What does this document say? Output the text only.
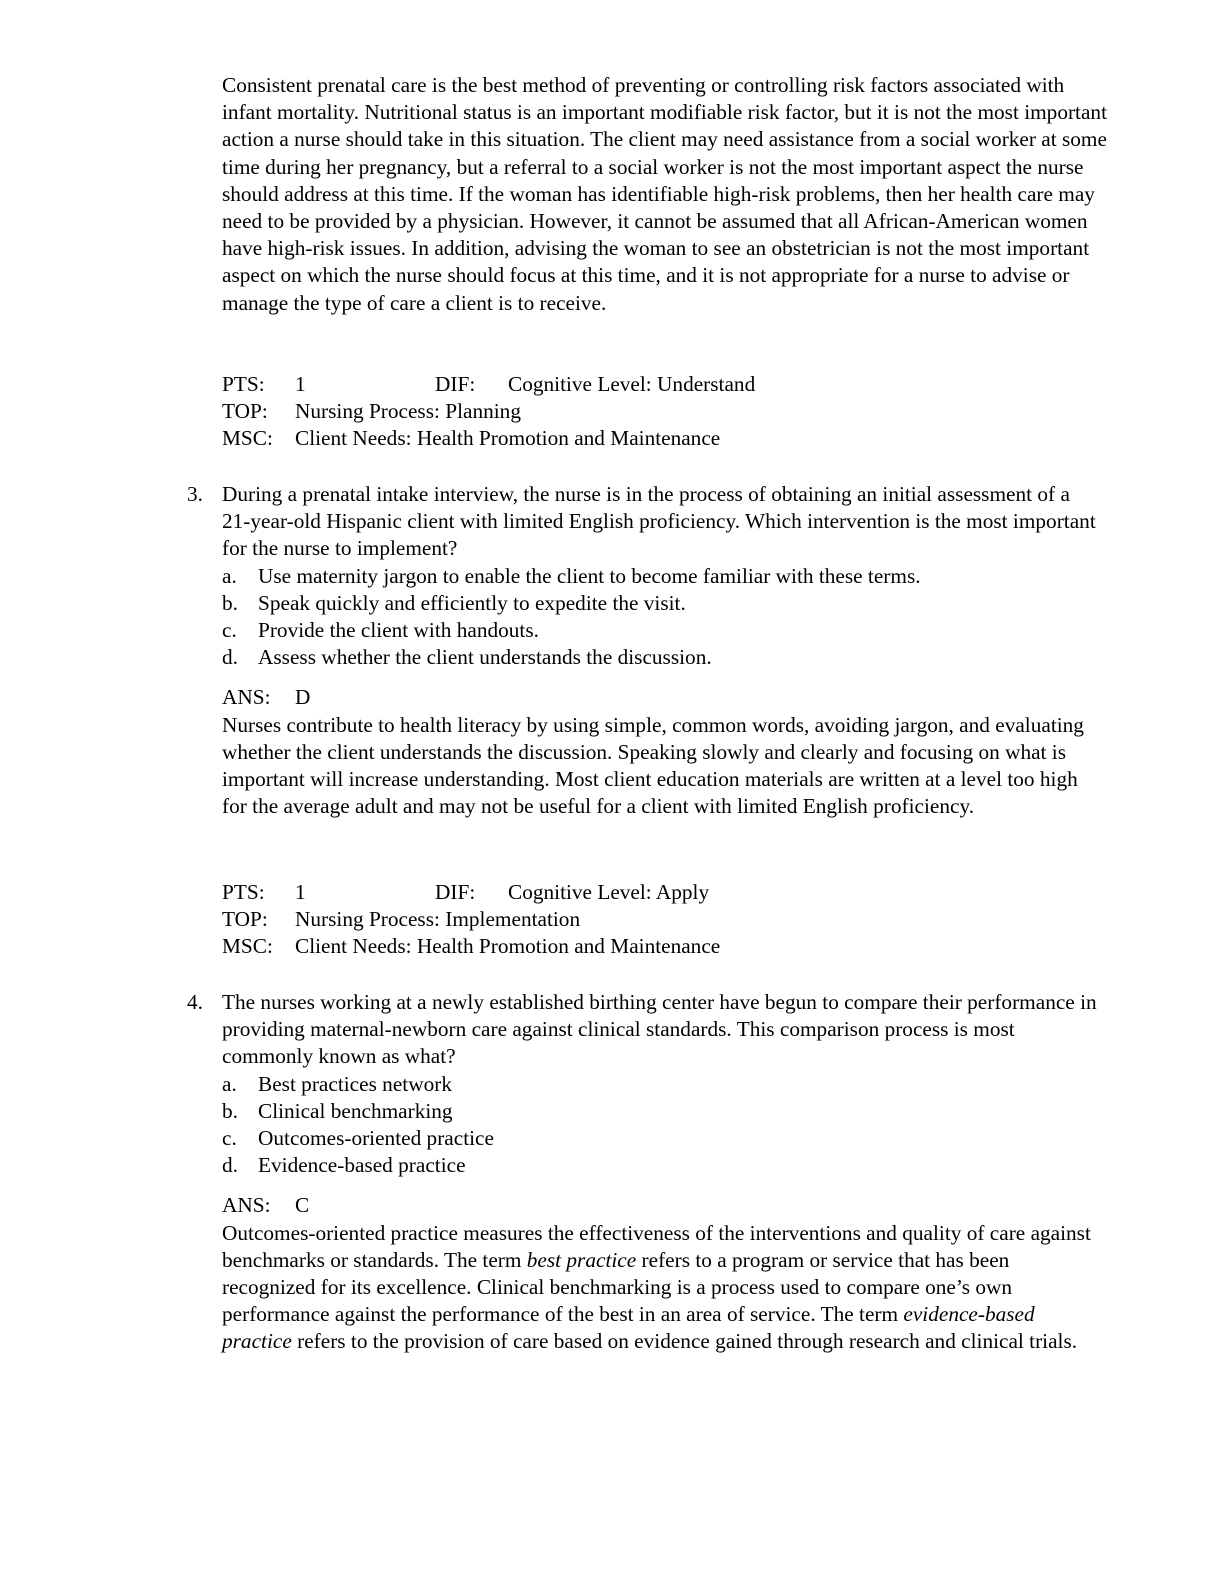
Consistent prenatal care is the best method of preventing or controlling risk factors associated with infant mortality. Nutritional status is an important modifiable risk factor, but it is not the most important action a nurse should take in this situation. The client may need assistance from a social worker at some time during her pregnancy, but a referral to a social worker is not the most important aspect the nurse should address at this time. If the woman has identifiable high-risk problems, then her health care may need to be provided by a physician. However, it cannot be assumed that all African-American women have high-risk issues. In addition, advising the woman to see an obstetrician is not the most important aspect on which the nurse should focus at this time, and it is not appropriate for a nurse to advise or manage the type of care a client is to receive.

PTS:	1	DIF:	Cognitive Level: Understand
TOP:	Nursing Process: Planning
MSC:	Client Needs: Health Promotion and Maintenance
3. During a prenatal intake interview, the nurse is in the process of obtaining an initial assessment of a 21-year-old Hispanic client with limited English proficiency. Which intervention is the most important for the nurse to implement?
a. Use maternity jargon to enable the client to become familiar with these terms.
b. Speak quickly and efficiently to expedite the visit.
c. Provide the client with handouts.
d. Assess whether the client understands the discussion.
ANS:	D

Nurses contribute to health literacy by using simple, common words, avoiding jargon, and evaluating whether the client understands the discussion. Speaking slowly and clearly and focusing on what is important will increase understanding. Most client education materials are written at a level too high for the average adult and may not be useful for a client with limited English proficiency.

PTS:	1	DIF:	Cognitive Level: Apply
TOP:	Nursing Process: Implementation
MSC:	Client Needs: Health Promotion and Maintenance
4. The nurses working at a newly established birthing center have begun to compare their performance in providing maternal-newborn care against clinical standards. This comparison process is most commonly known as what?
a. Best practices network
b. Clinical benchmarking
c. Outcomes-oriented practice
d. Evidence-based practice
ANS:	C

Outcomes-oriented practice measures the effectiveness of the interventions and quality of care against benchmarks or standards. The term best practice refers to a program or service that has been recognized for its excellence. Clinical benchmarking is a process used to compare one’s own performance against the performance of the best in an area of service. The term evidence-based practice refers to the provision of care based on evidence gained through research and clinical trials.
